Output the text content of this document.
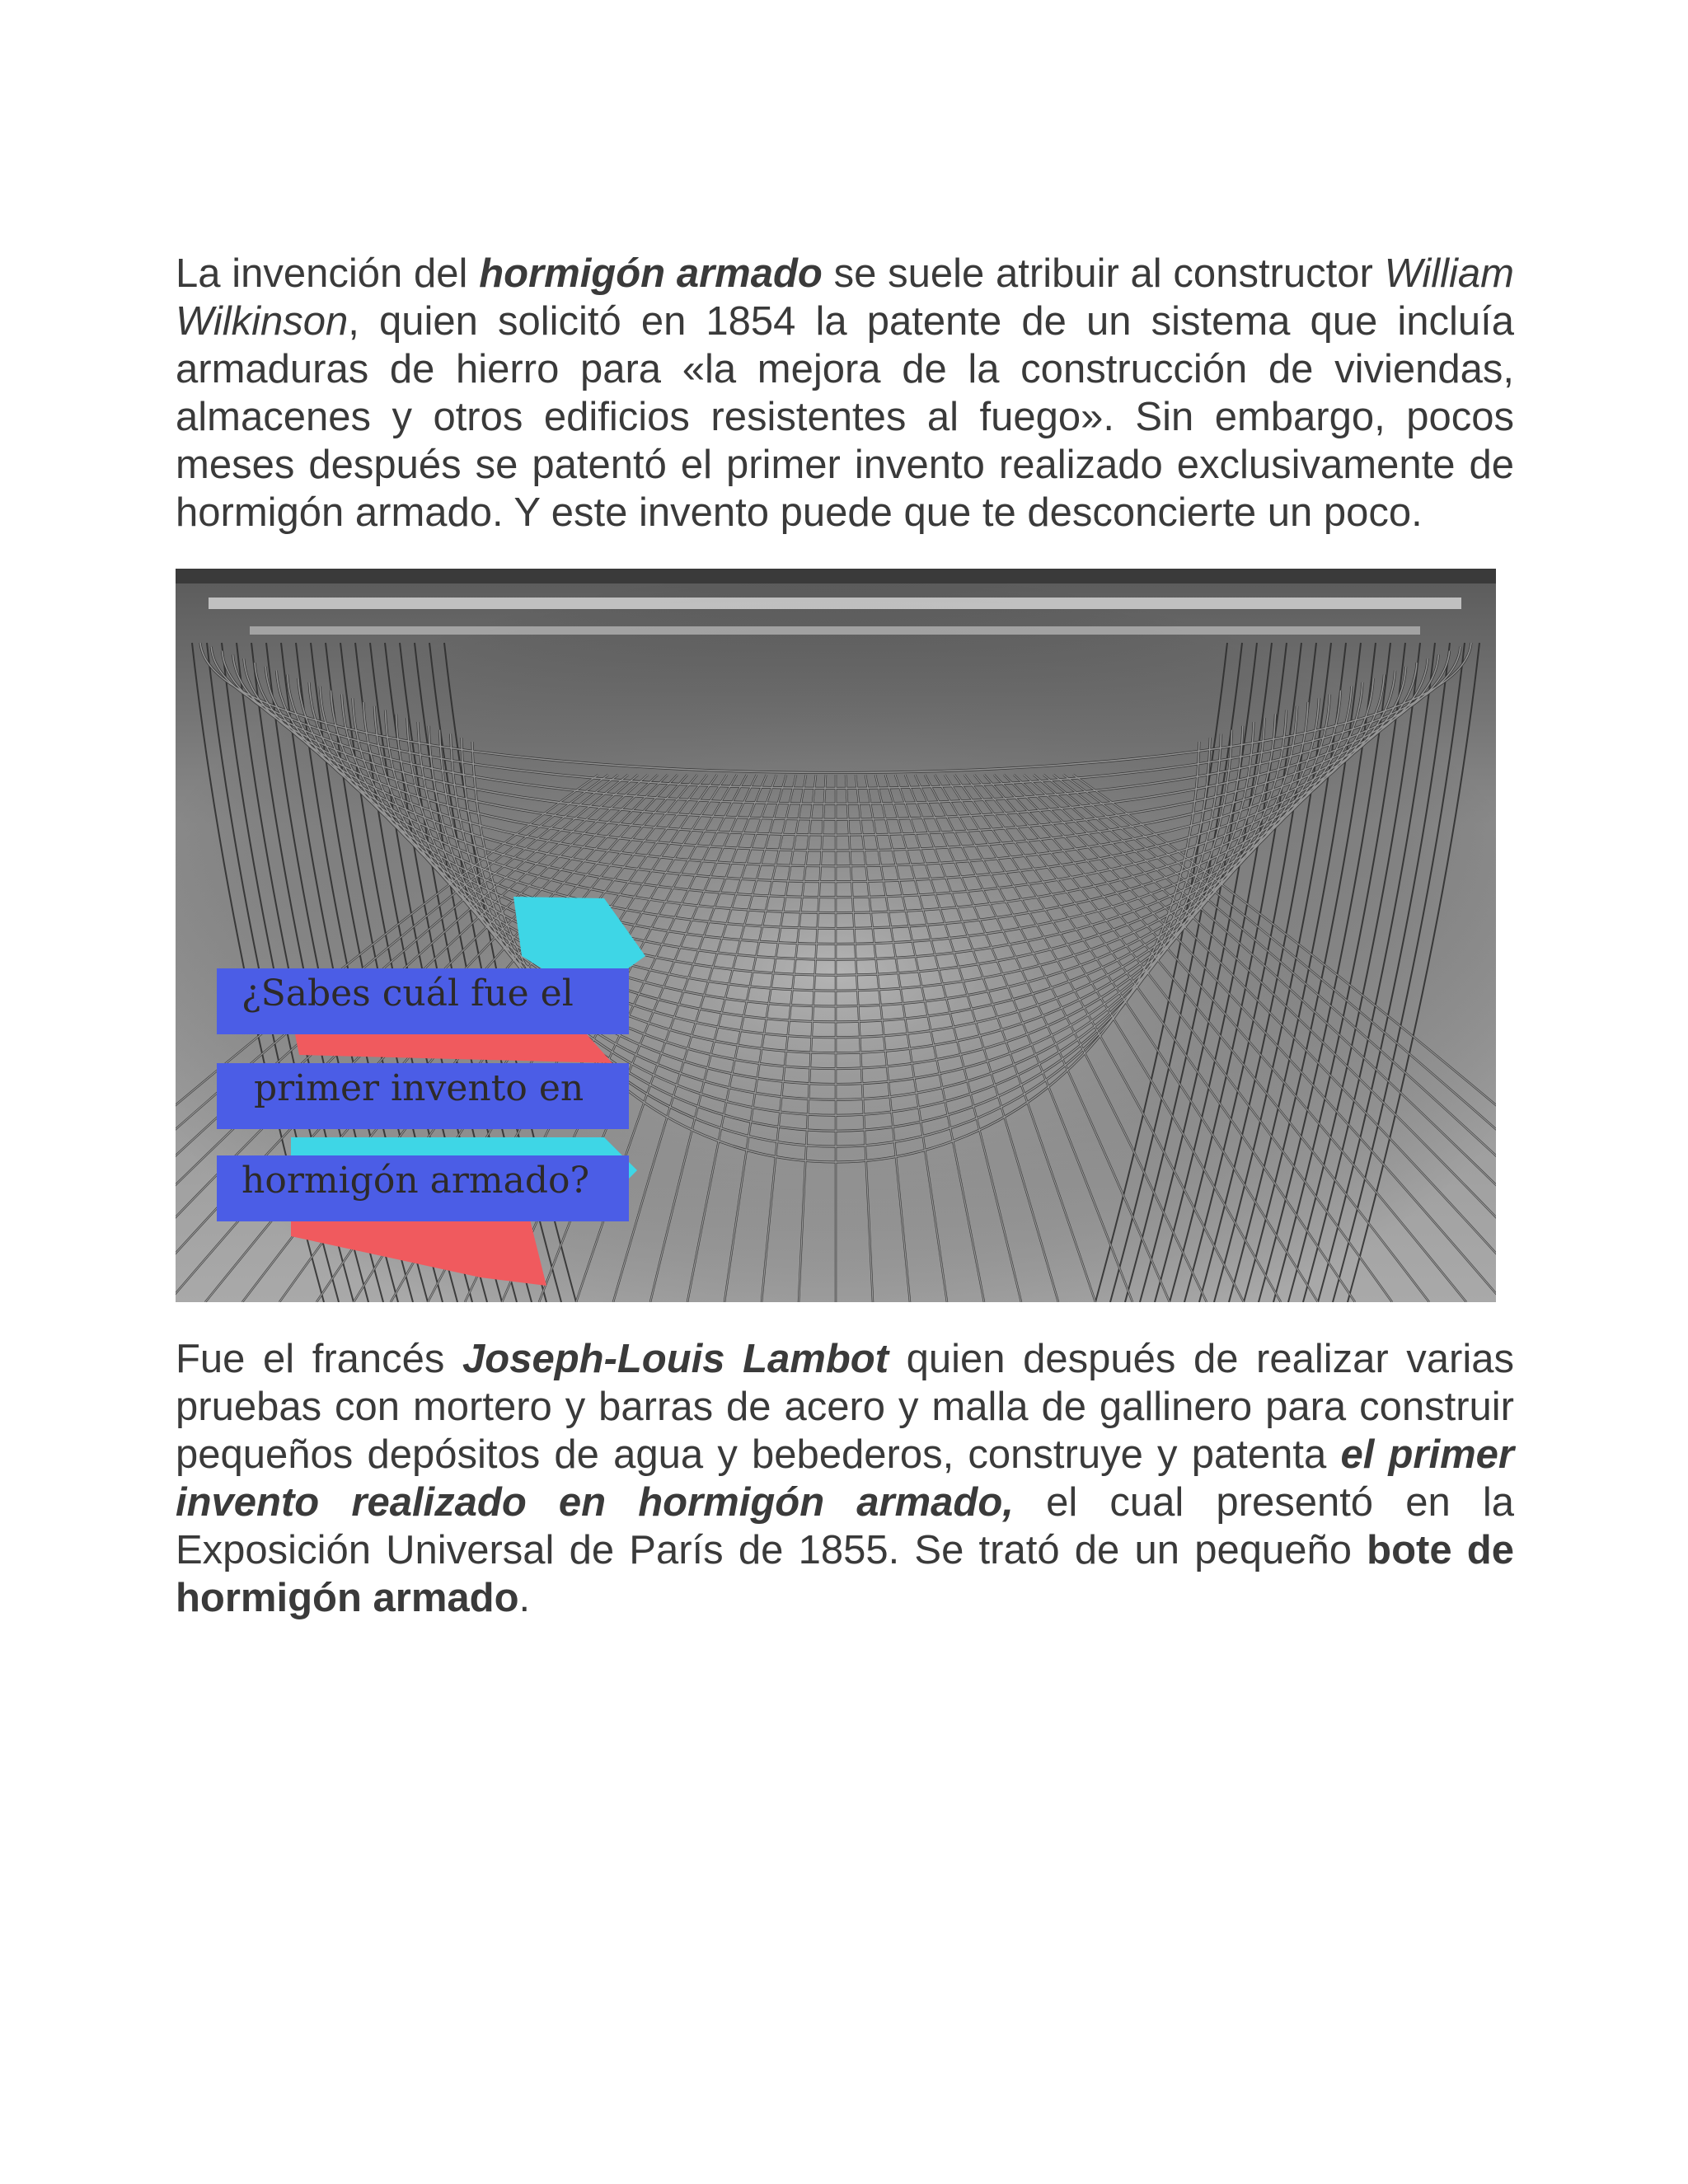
La invención del hormigón armado se suele atribuir al constructor William Wilkinson, quien solicitó en 1854 la patente de un sistema que incluía armaduras de hierro para «la mejora de la construcción de viviendas, almacenes y otros edificios resistentes al fuego». Sin embargo, pocos meses después se patentó el primer invento realizado exclusivamente de hormigón armado. Y este invento puede que te desconcierte un poco.

¿Sabes cuál fue el
primer invento en
hormigón armado?

Fue el francés Joseph-Louis Lambot quien después de realizar varias pruebas con mortero y barras de acero y malla de gallinero para construir pequeños depósitos de agua y bebederos, construye y patenta el primer invento realizado en hormigón armado, el cual presentó en la Exposición Universal de París de 1855. Se trató de un pequeño bote de hormigón armado.
